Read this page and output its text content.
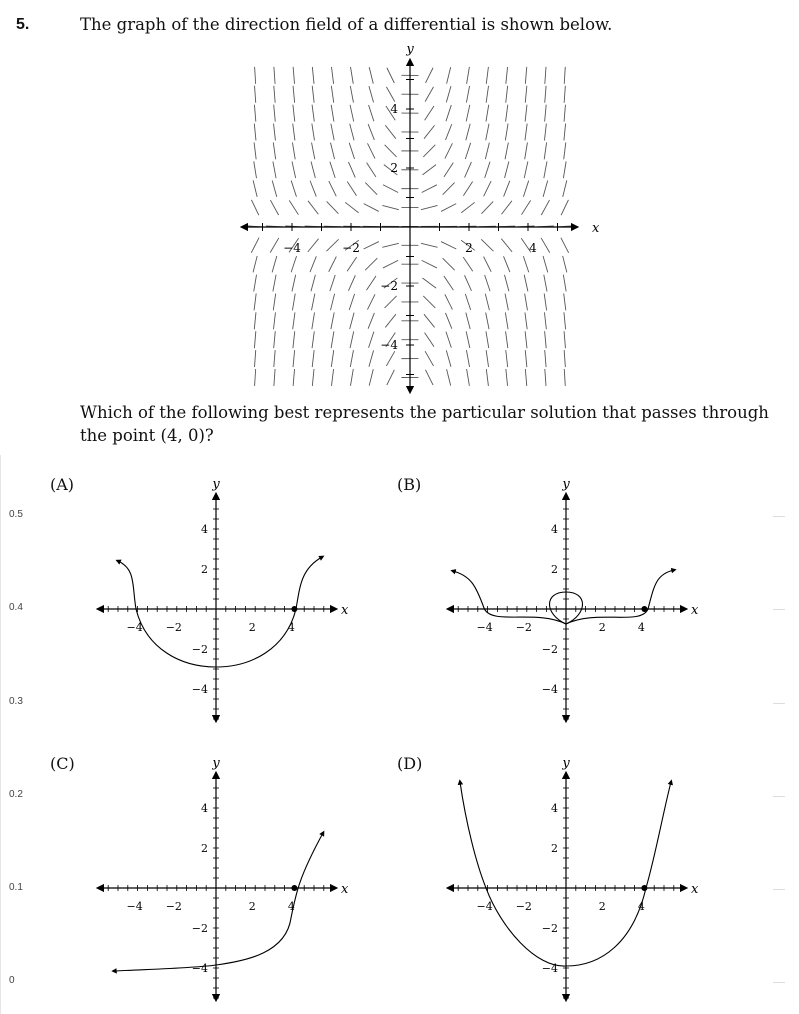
5.	The graph of the direction field of a differential is shown below.
−4	−2	2	4
4
2
−2
−4
x
y
Which of the following best represents the particular solution that passes through the point (4, 0)?
0.5
0.4
0.3
0.2
0.1
0
(A)	(B)
(C)	(D)
−4 −2	2	4
4
2
−2
−4
x
y
−4 −2	2	4
4
2
−2
−4
x
y
−4 −2	2	4
4
2
−2
−4
x
y
−4 −2	2	4
4
2
−2
−4
x
y
